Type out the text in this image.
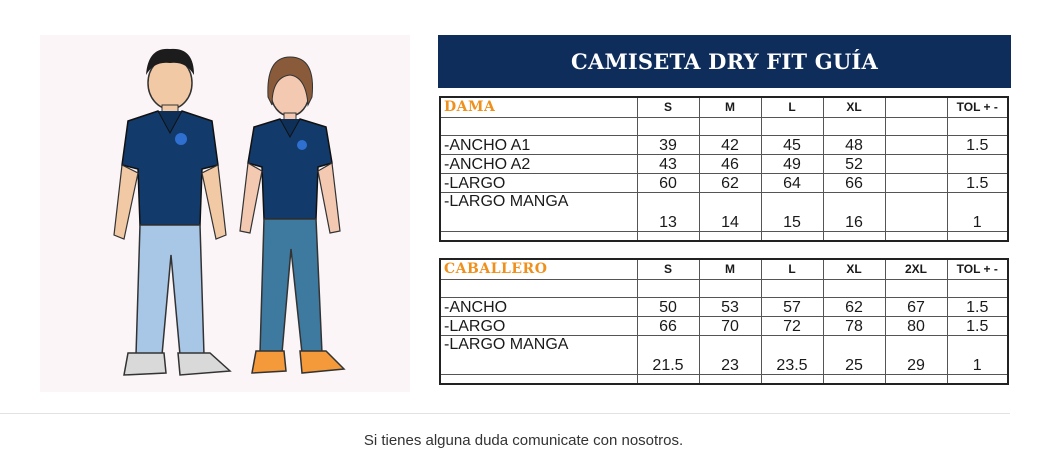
CAMISETA DRY FIT GUÍA
DAMA	S	M	L	XL		TOL + -

-ANCHO A1	39	42	45	48		1.5
-ANCHO A2	43	46	49	52		
-LARGO	60	62	64	66		1.5
-LARGO MANGA	13	14	15	16		1

CABALLERO	S	M	L	XL	2XL	TOL + -

-ANCHO	50	53	57	62	67	1.5
-LARGO	66	70	72	78	80	1.5
-LARGO MANGA	21.5	23	23.5	25	29	1

Si tienes alguna duda comunicate con nosotros.
